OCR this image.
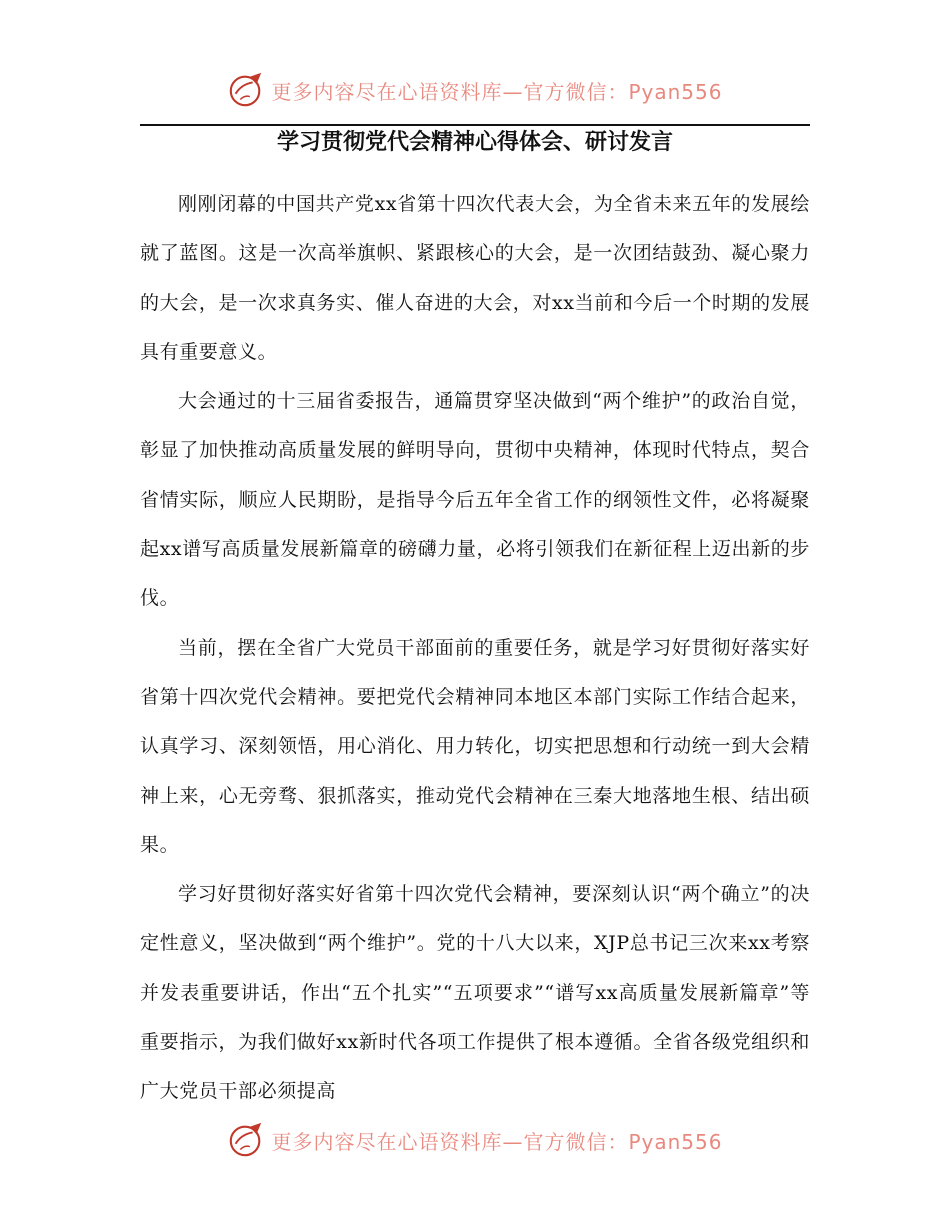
更多内容尽在心语资料库—官方微信：Pyan556
学习贯彻党代会精神心得体会、研讨发言

刚刚闭幕的中国共产党xx省第十四次代表大会，为全省未来五年的发展绘就了蓝图。这是一次高举旗帜、紧跟核心的大会，是一次团结鼓劲、凝心聚力的大会，是一次求真务实、催人奋进的大会，对xx当前和今后一个时期的发展具有重要意义。

大会通过的十三届省委报告，通篇贯穿坚决做到“两个维护”的政治自觉，彰显了加快推动高质量发展的鲜明导向，贯彻中央精神，体现时代特点，契合省情实际，顺应人民期盼，是指导今后五年全省工作的纲领性文件，必将凝聚起xx谱写高质量发展新篇章的磅礴力量，必将引领我们在新征程上迈出新的步伐。

当前，摆在全省广大党员干部面前的重要任务，就是学习好贯彻好落实好省第十四次党代会精神。要把党代会精神同本地区本部门实际工作结合起来，认真学习、深刻领悟，用心消化、用力转化，切实把思想和行动统一到大会精神上来，心无旁骛、狠抓落实，推动党代会精神在三秦大地落地生根、结出硕果。

学习好贯彻好落实好省第十四次党代会精神，要深刻认识“两个确立”的决定性意义，坚决做到“两个维护”。党的十八大以来，XJP总书记三次来xx考察并发表重要讲话，作出“五个扎实”“五项要求”“谱写xx高质量发展新篇章”等重要指示，为我们做好xx新时代各项工作提供了根本遵循。全省各级党组织和广大党员干部必须提高

更多内容尽在心语资料库—官方微信：Pyan556
